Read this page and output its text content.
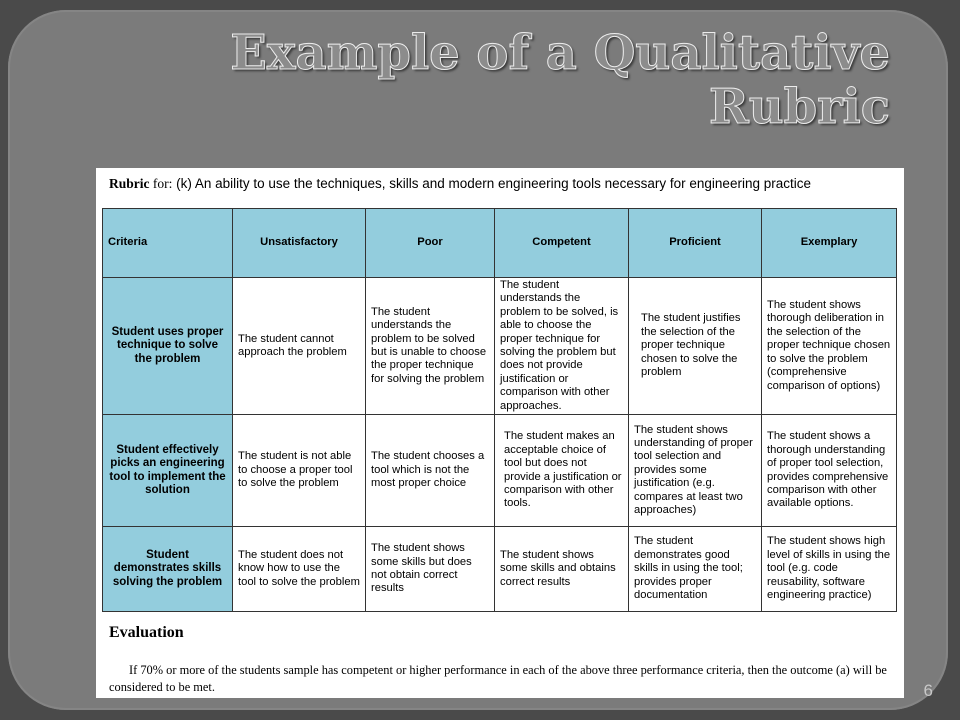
Example of a Qualitative Rubric
Rubric for: (k) An ability to use the techniques, skills and modern engineering tools necessary for engineering practice
Criteria	Unsatisfactory	Poor	Competent	Proficient	Exemplary
Student uses proper technique to solve the problem	The student cannot approach the problem	The student understands the problem to be solved but is unable to choose the proper technique for solving the problem	The student understands the problem to be solved, is able to choose the proper technique for solving the problem but does not provide justification or comparison with other approaches.	The student justifies the selection of the proper technique chosen to solve the problem	The student shows thorough deliberation in the selection of the proper technique chosen to solve the problem (comprehensive comparison of options)
Student effectively picks an engineering tool to implement the solution	The student is not able to choose a proper tool to solve the problem	The student chooses a tool which is not the most proper choice	The student makes an acceptable choice of tool but does not provide a justification or comparison with other tools.	The student shows understanding of proper tool selection and provides some justification (e.g. compares at least two approaches)	The student shows a thorough understanding of proper tool selection, provides comprehensive comparison with other available options.
Student demonstrates skills solving the problem	The student does not know how to use the tool to solve the problem	The student shows some skills but does not obtain correct results	The student shows some skills and obtains correct results	The student demonstrates good skills in using the tool; provides proper documentation	The student shows high level of skills in using the tool (e.g. code reusability, software engineering practice)
Evaluation

If 70% or more of the students sample has competent or higher performance in each of the above three performance criteria, then the outcome (a) will be considered to be met.	6
